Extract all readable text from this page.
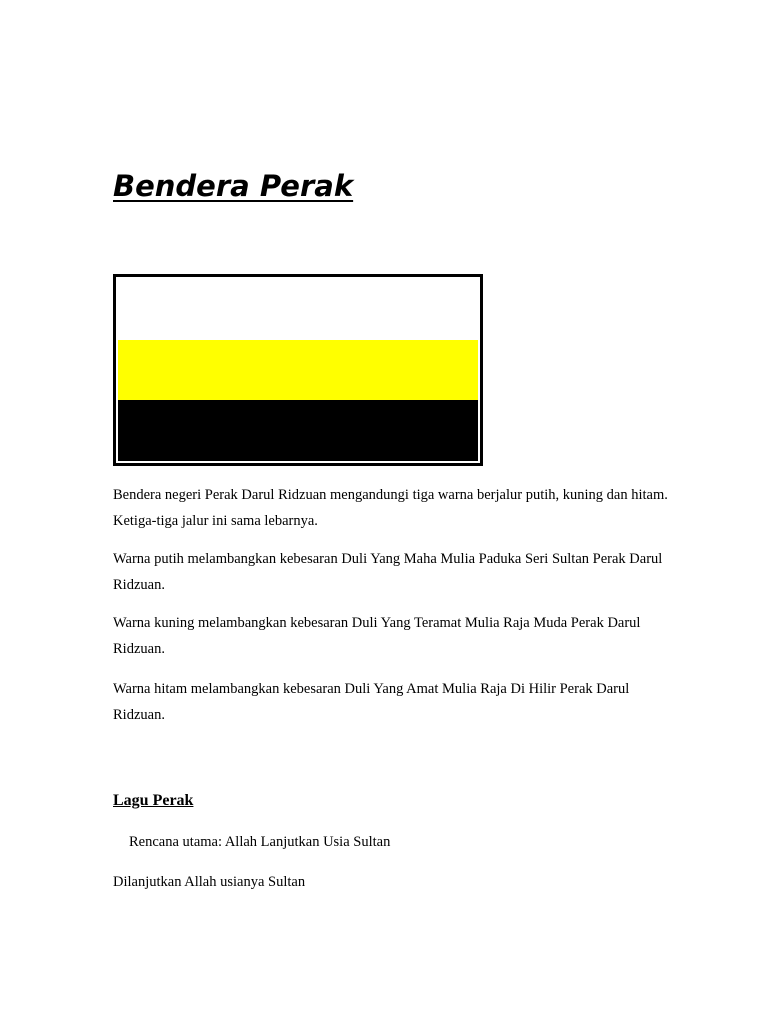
Bendera Perak

Bendera negeri Perak Darul Ridzuan mengandungi tiga warna berjalur putih, kuning dan hitam. Ketiga-tiga jalur ini sama lebarnya.

Warna putih melambangkan kebesaran Duli Yang Maha Mulia Paduka Seri Sultan Perak Darul Ridzuan.

Warna kuning melambangkan kebesaran Duli Yang Teramat Mulia Raja Muda Perak Darul Ridzuan.

Warna hitam melambangkan kebesaran Duli Yang Amat Mulia Raja Di Hilir Perak Darul Ridzuan.

Lagu Perak

Rencana utama: Allah Lanjutkan Usia Sultan

Dilanjutkan Allah usianya Sultan
